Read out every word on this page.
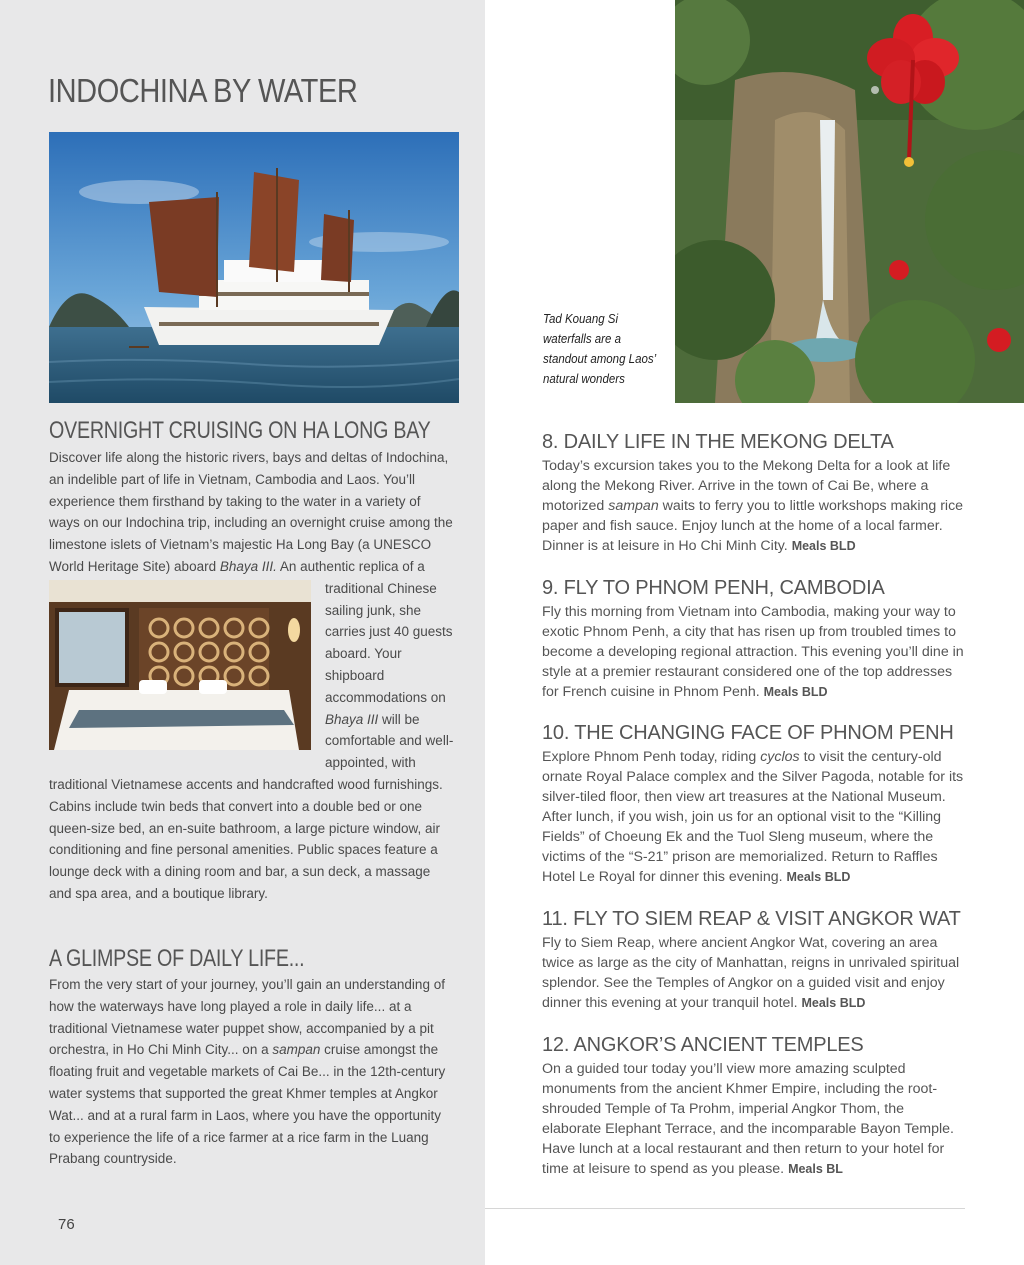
INDOCHINA BY WATER
OVERNIGHT CRUISING ON HA LONG BAY

Discover life along the historic rivers, bays and deltas of Indochina, an indelible part of life in Vietnam, Cambodia and Laos. You’ll experience them firsthand by taking to the water in a variety of ways on our Indochina trip, including an overnight cruise among the limestone islets of Vietnam’s majestic Ha Long Bay (a UNESCO World Heritage Site) aboard Bhaya III.
An authentic replica of a traditional Chinese sailing junk, she carries just 40 guests aboard. Your shipboard accommodations on Bhaya III will be comfortable and well-appointed, with traditional Vietnamese accents and handcrafted wood furnishings. Cabins include twin beds that convert into a double bed or one queen-size bed, an en-suite bathroom, a large picture window, air conditioning and fine personal amenities. Public spaces feature a lounge deck with a dining room and bar, a sun deck, a massage and spa area, and a boutique library.

A GLIMPSE OF DAILY LIFE...

From the very start of your journey, you’ll gain an understanding of how the waterways have long played a role in daily life... at a traditional Vietnamese water puppet show, accompanied by a pit orchestra, in Ho Chi Minh City... on a sampan cruise amongst the floating fruit and vegetable markets of Cai Be... in the 12th-century water systems that supported the great Khmer temples at Angkor Wat... and at a rural farm in Laos, where you have the opportunity to experience the life of a rice farmer at a rice farm in the Luang Prabang countryside.

76
Tad Kouang Si waterfalls are a standout among Laos’ natural wonders
8. DAILY LIFE IN THE MEKONG DELTA

Today’s excursion takes you to the Mekong Delta for a look at life along the Mekong River. Arrive in the town of Cai Be, where a motorized sampan waits to ferry you to little workshops making rice paper and fish sauce. Enjoy lunch at the home of a local farmer. Dinner is at leisure in Ho Chi Minh City. Meals BLD

9. FLY TO PHNOM PENH, CAMBODIA

Fly this morning from Vietnam into Cambodia, making your way to exotic Phnom Penh, a city that has risen up from troubled times to become a developing regional attraction. This evening you’ll dine in style at a premier restaurant considered one of the top addresses for French cuisine in Phnom Penh. Meals BLD

10. THE CHANGING FACE OF PHNOM PENH

Explore Phnom Penh today, riding cyclos to visit the century-old ornate Royal Palace complex and the Silver Pagoda, notable for its silver-tiled floor, then view art treasures at the National Museum. After lunch, if you wish, join us for an optional visit to the “Killing Fields” of Choeung Ek and the Tuol Sleng museum, where the victims of the “S-21” prison are memorialized. Return to Raffles Hotel Le Royal for dinner this evening. Meals BLD

11. FLY TO SIEM REAP & VISIT ANGKOR WAT

Fly to Siem Reap, where ancient Angkor Wat, covering an area twice as large as the city of Manhattan, reigns in unrivaled spiritual splendor. See the Temples of Angkor on a guided visit and enjoy dinner this evening at your tranquil hotel. Meals BLD

12. ANGKOR’S ANCIENT TEMPLES

On a guided tour today you’ll view more amazing sculpted monuments from the ancient Khmer Empire, including the root-shrouded Temple of Ta Prohm, imperial Angkor Thom, the elaborate Elephant Terrace, and the incomparable Bayon Temple. Have lunch at a local restaurant and then return to your hotel for time at leisure to spend as you please. Meals BL
